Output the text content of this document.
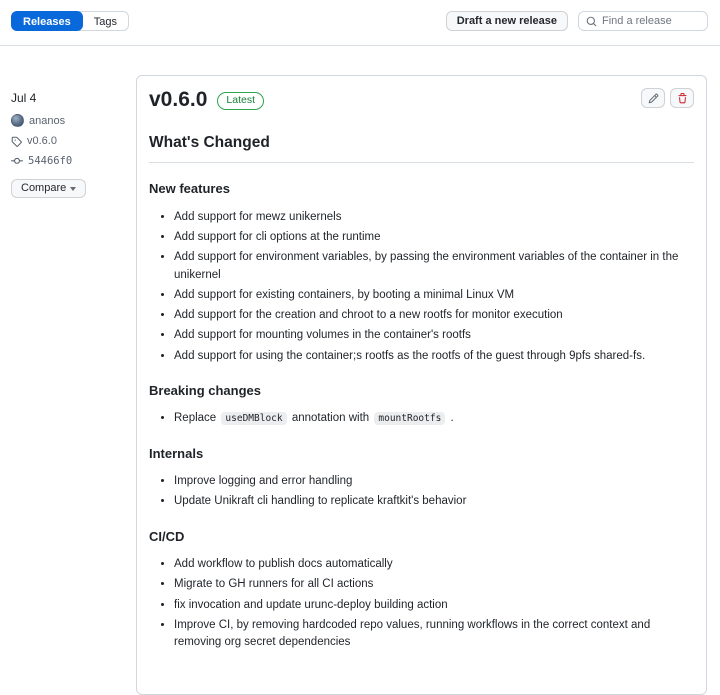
Releases	Tags	Draft a new release
Find a release
Jul 4
ananos
v0.6.0
54466f0
Compare
v0.6.0	Latest
What's Changed
New features
• Add support for mewz unikernels
• Add support for cli options at the runtime
• Add support for environment variables, by passing the environment variables of the container in the unikernel
• Add support for existing containers, by booting a minimal Linux VM
• Add support for the creation and chroot to a new rootfs for monitor execution
• Add support for mounting volumes in the container's rootfs
• Add support for using the container;s rootfs as the rootfs of the guest through 9pfs shared-fs.
Breaking changes
• Replace useDMBlock annotation with mountRootfs .
Internals
• Improve logging and error handling
• Update Unikraft cli handling to replicate kraftkit's behavior
CI/CD
• Add workflow to publish docs automatically
• Migrate to GH runners for all CI actions
• fix invocation and update urunc-deploy building action
• Improve CI, by removing hardcoded repo values, running workflows in the correct context and removing org secret dependencies
